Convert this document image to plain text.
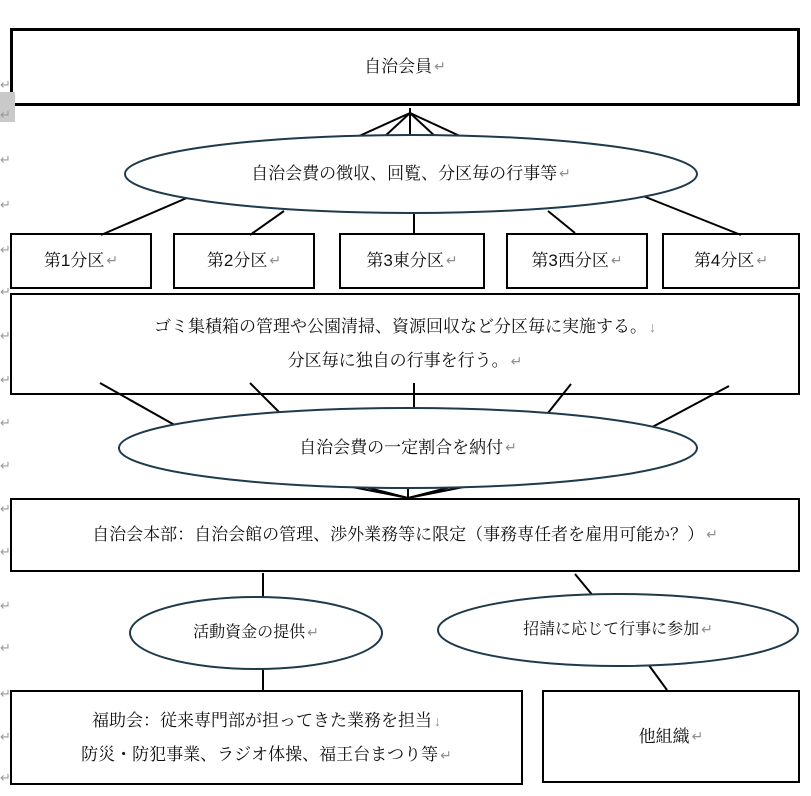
自治会員 ↵
自治会費の徴収、回覧、分区毎の行事等 ↵
第1分区 ↵	第2分区 ↵	第3東分区 ↵	第3西分区 ↵	第4分区 ↵
ゴミ集積箱の管理や公園清掃、資源回収など分区毎に実施する。 ↓
分区毎に独自の行事を行う。 ↵
自治会費の一定割合を納付 ↵
自治会本部：自治会館の管理、渉外業務等に限定（事務専任者を雇用可能か？） ↵
活動資金の提供 ↵	招請に応じて行事に参加 ↵
福助会：従来専門部が担ってきた業務を担当 ↓
防災・防犯事業、ラジオ体操、福王台まつり等 ↵
他組織 ↵
↵
↵
↵
↵
↵
↵
↵
↵
↵
↵
↵
↵
↵
↵
↵
↵
↵
